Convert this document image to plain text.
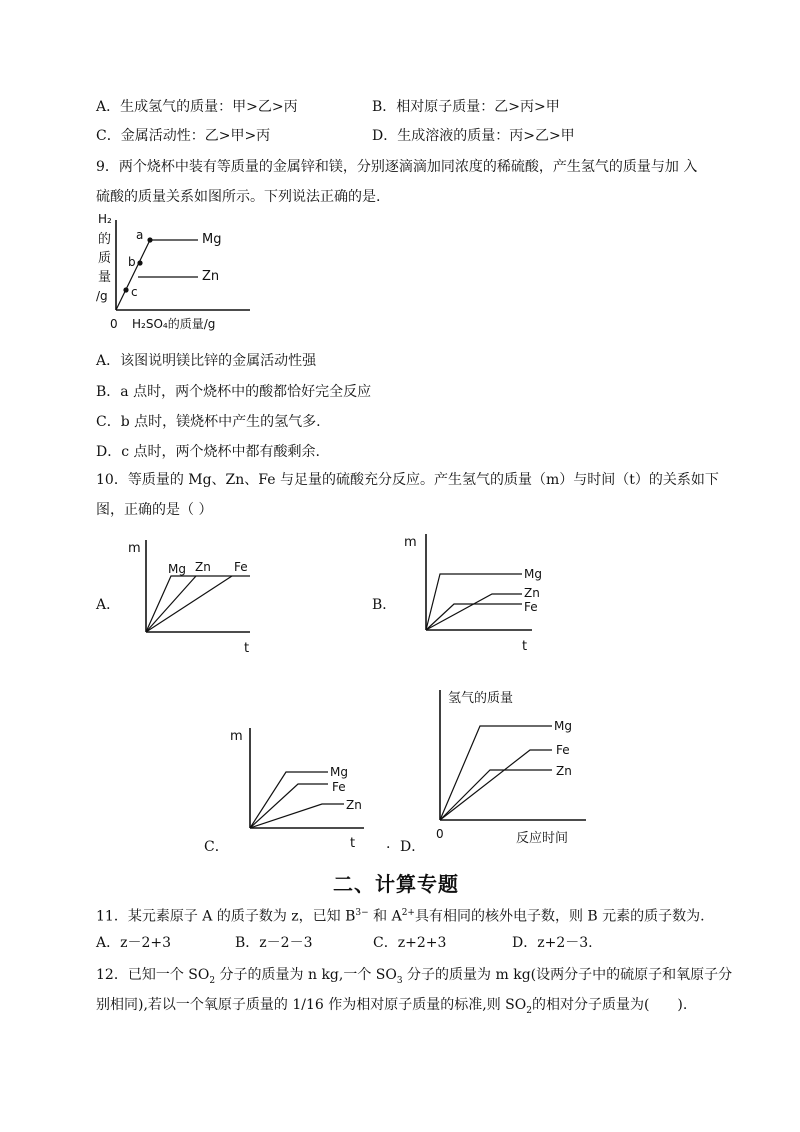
A．生成氢气的质量：甲>乙>丙	B．相对原子质量：乙>丙>甲
C．金属活动性：乙>甲>丙	D．生成溶液的质量：丙>乙>甲
9．两个烧杯中装有等质量的金属锌和镁，分别逐滴滴加同浓度的稀硫酸，产生氢气的质量与加 入
硫酸的质量关系如图所示。下列说法正确的是.
H₂
的
质
量
/g
a
b
c
Mg
Zn
0 H₂SO₄的质量/g
A．该图说明镁比锌的金属活动性强
B．a 点时，两个烧杯中的酸都恰好完全反应
C．b 点时，镁烧杯中产生的氢气多.
D．c 点时，两个烧杯中都有酸剩余.
10．等质量的 Mg、Zn、Fe 与足量的硫酸充分反应。产生氢气的质量（m）与时间（t）的关系如下
图，正确的是（ ）
A．
m
Mg Zn Fe
t
B．
m
Mg
Zn
Fe
t
m
Mg
Fe
Zn
t
C．	. D．
氢气的质量
Mg
Fe
Zn
0	反应时间
二、计算专题
11．某元素原子 A 的质子数为 z，已知 $B^{3-}$ 和 $A^{2+}$具有相同的核外电子数，则 B 元素的质子数为.
A．z－2+3	B．z－2－3	C．z+2+3	D．z+2－3.
12．已知一个 $SO_2$ 分子的质量为 n kg,一个 $SO_3$ 分子的质量为 m kg(设两分子中的硫原子和氧原子分
别相同),若以一个氧原子质量的 1/16 作为相对原子质量的标准,则 $SO_2$的相对分子质量为(　　).
